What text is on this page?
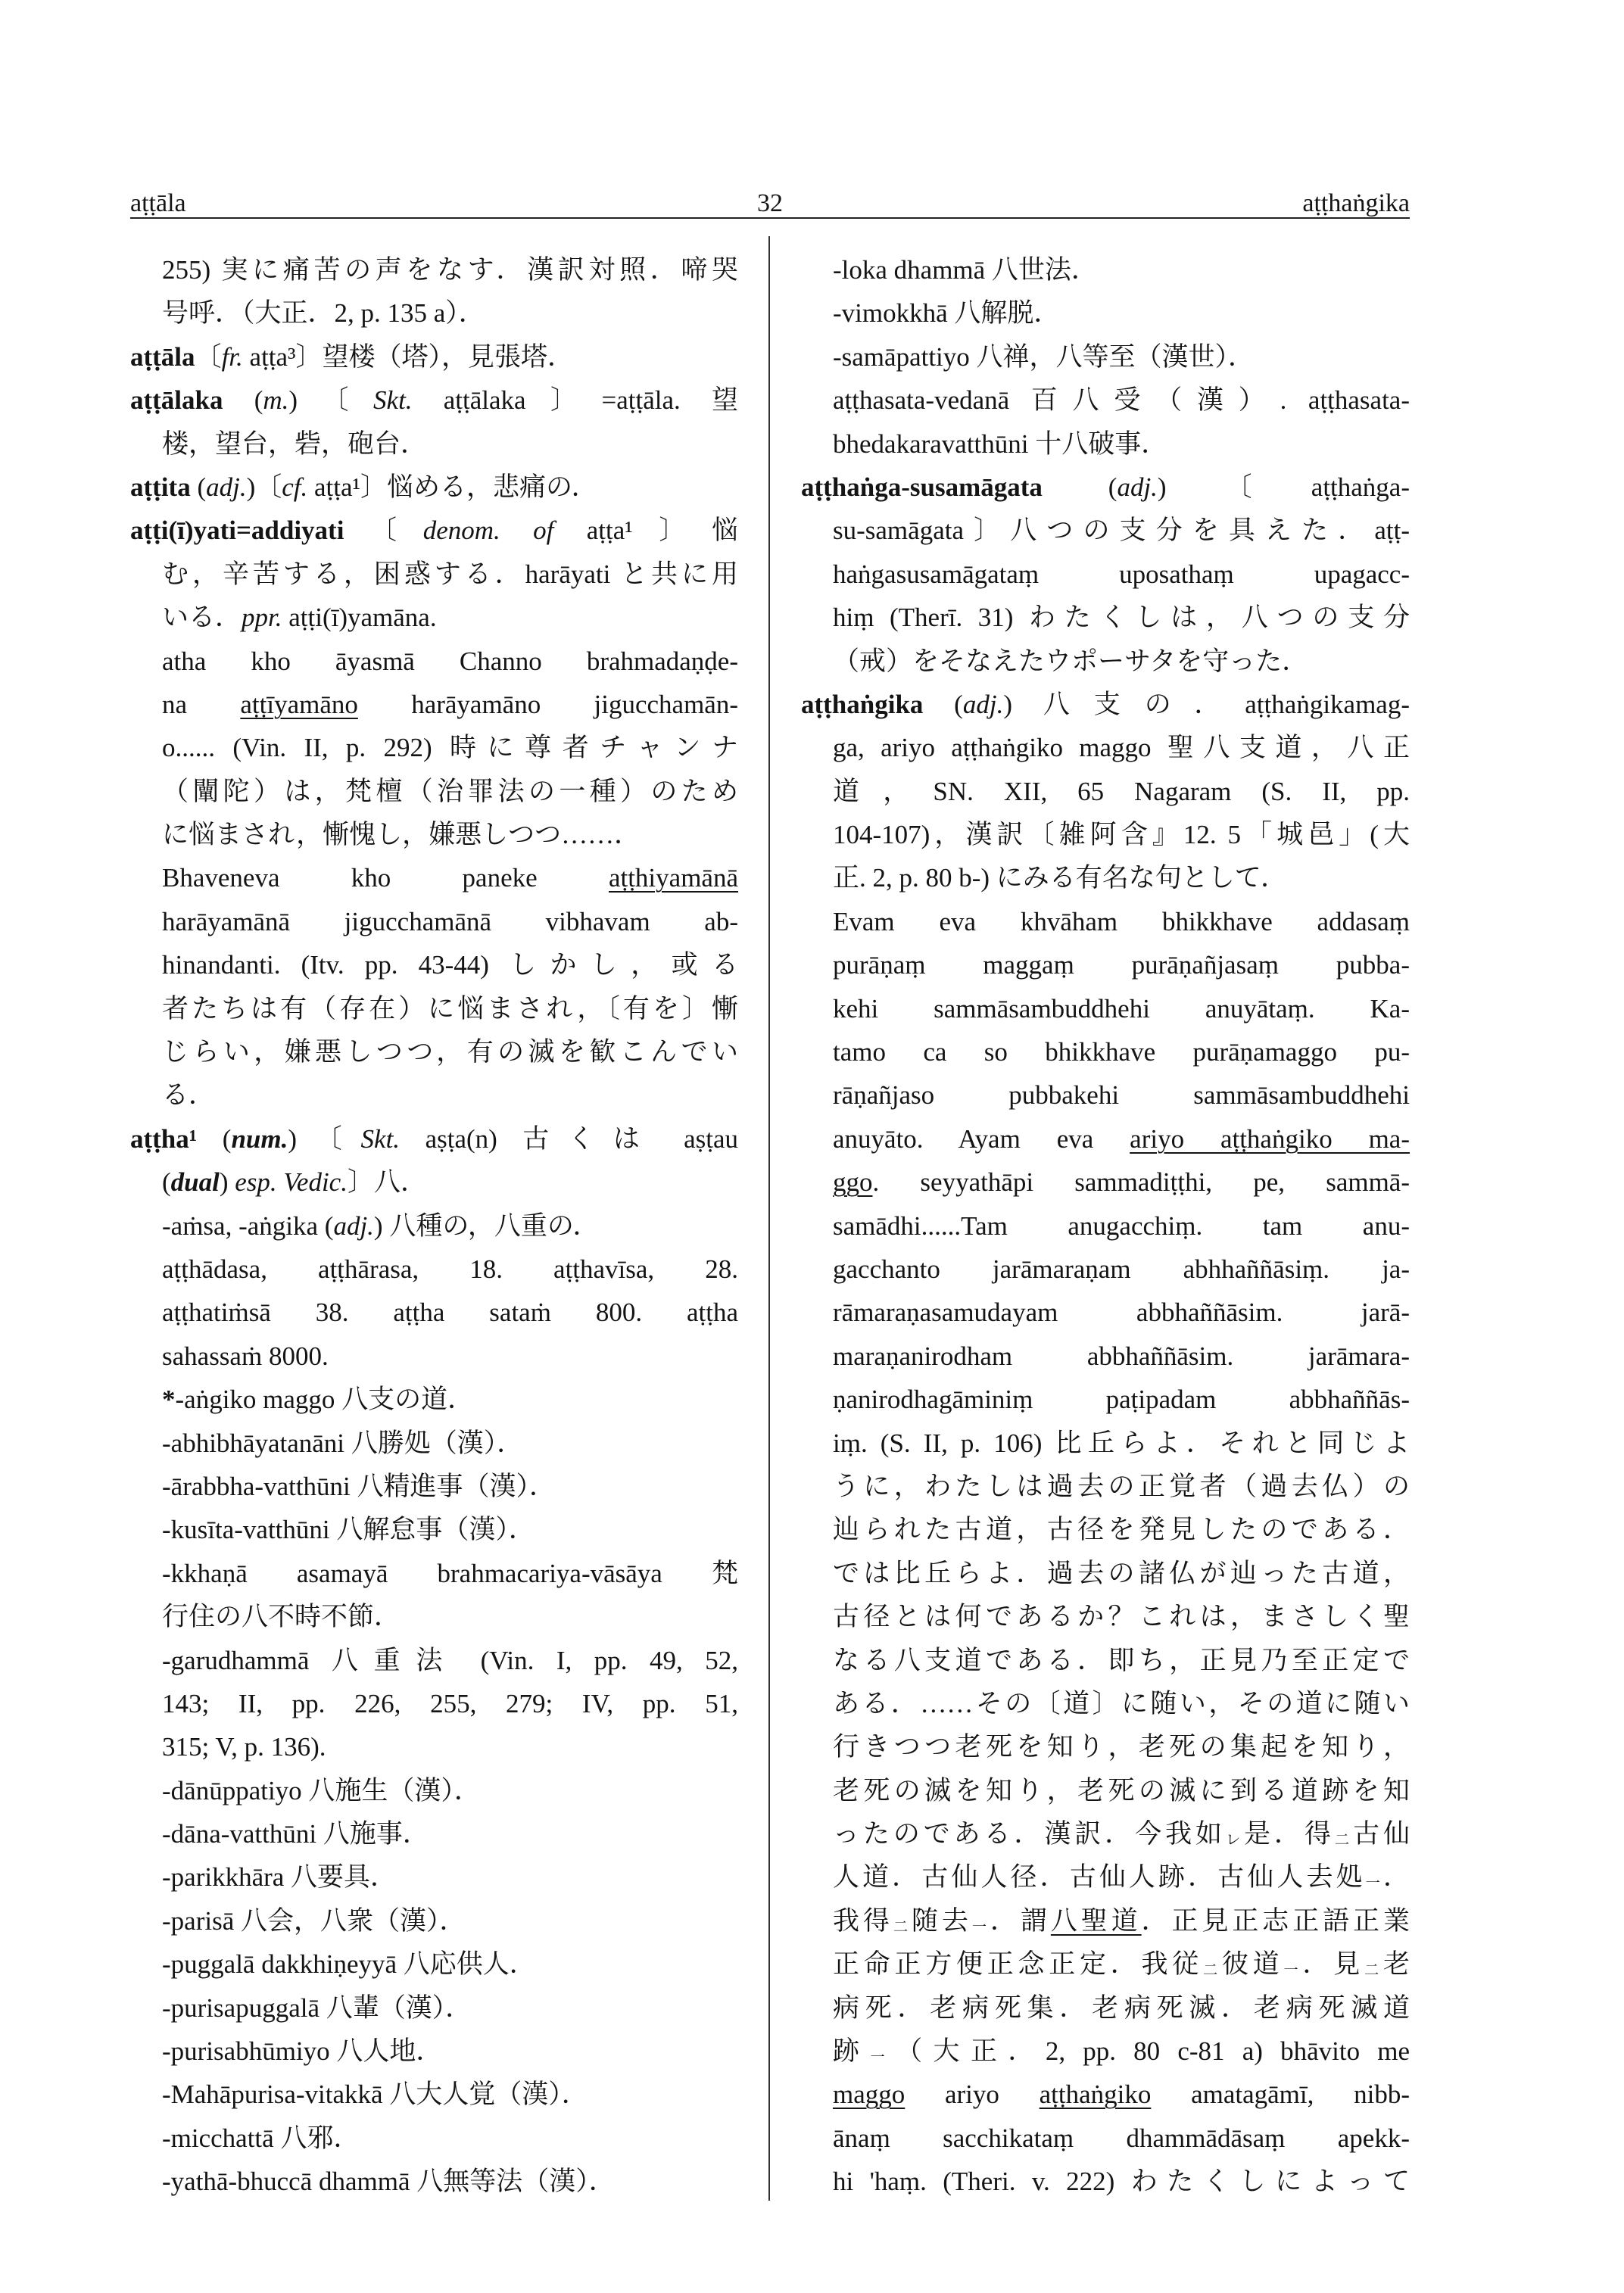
aṭṭāla	32	aṭṭhaṅgika
255) 実に痛苦の声をなす．漢訳対照．啼哭
号呼．（大正．2, p. 135 a）．
aṭṭāla〔fr. aṭṭa³〕望楼（塔），見張塔．
aṭṭālaka (m.)〔Skt. aṭṭālaka〕=aṭṭāla. 望
楼，望台，砦，砲台．
aṭṭita (adj.)〔cf. aṭṭa¹〕悩める，悲痛の．
aṭṭi(ī)yati=addiyati〔denom. of aṭṭa¹〕悩
む，辛苦する，困惑する．harāyati と共に用
いる．ppr. aṭṭi(ī)yamāna.
atha kho āyasmā Channo brahmadaṇḍe-
na aṭṭīyamāno harāyamāno jigucchamān-
o...... (Vin. II, p. 292) 時に尊者チャンナ
（闡陀）は，梵檀（治罪法の一種）のため
に悩まされ，慚愧し，嫌悪しつつ……．
Bhaveneva kho paneke aṭṭhiyamānā
harāyamānā jigucchamānā vibhavam ab-
hinandanti. (Itv. pp. 43-44) しかし，或る
者たちは有（存在）に悩まされ，〔有を〕慚
じらい，嫌悪しつつ，有の滅を歓こんでい
る．
aṭṭha¹ (num.)〔Skt. aṣṭa(n) 古くは aṣṭau
(dual) esp. Vedic.〕八．
-aṁsa, -aṅgika (adj.) 八種の，八重の．
aṭṭhādasa, aṭṭhārasa, 18. aṭṭhavīsa, 28.
aṭṭhatiṁsā 38. aṭṭha sataṁ 800. aṭṭha
sahassaṁ 8000.
*-aṅgiko maggo 八支の道．
-abhibhāyatanāni 八勝処（漢）．
-ārabbha-vatthūni 八精進事（漢）．
-kusīta-vatthūni 八解怠事（漢）．
-kkhaṇā asamayā brahmacariya-vāsāya 梵
行住の八不時不節．
-garudhammā 八重法 (Vin. I, pp. 49, 52,
143; II, pp. 226, 255, 279; IV, pp. 51,
315; V, p. 136).
-dānūppatiyo 八施生（漢）．
-dāna-vatthūni 八施事．
-parikkhāra 八要具．
-parisā 八会，八衆（漢）．
-puggalā dakkhiṇeyyā 八応供人．
-purisapuggalā 八輩（漢）．
-purisabhūmiyo 八人地．
-Mahāpurisa-vitakkā 八大人覚（漢）．
-micchattā 八邪．
-yathā-bhuccā dhammā 八無等法（漢）．
-loka dhammā 八世法．
-vimokkhā 八解脱．
-samāpattiyo 八禅，八等至（漢世）．
aṭṭhasata-vedanā 百八受（漢）. aṭṭhasata-
bhedakaravatthūni 十八破事．
aṭṭhaṅga-susamāgata (adj.)〔aṭṭhaṅga-
su-samāgata〕八つの支分を具えた．aṭṭ-
haṅgasusamāgataṃ uposathaṃ upagacc-
hiṃ (Therī. 31) わたくしは，八つの支分
（戒）をそなえたウポーサタを守った．
aṭṭhaṅgika (adj.) 八支の．aṭṭhaṅgikamag-
ga, ariyo aṭṭhaṅgiko maggo 聖八支道，八正
道，SN. XII, 65 Nagaram (S. II, pp.
104-107)，漢訳〔雑阿含』12. 5「城邑」(大
正. 2, p. 80 b-) にみる有名な句として．
Evam eva khvāham bhikkhave addasaṃ
purāṇaṃ maggaṃ purāṇañjasaṃ pubba-
kehi sammāsambuddhehi anuyātaṃ. Ka-
tamo ca so bhikkhave purāṇamaggo pu-
rāṇañjaso pubbakehi sammāsambuddhehi
anuyāto. Ayam eva ariyo aṭṭhaṅgiko ma-
ggo. seyyathāpi sammadiṭṭhi, pe, sammā-
samādhi......Tam anugacchiṃ. tam anu-
gacchanto jarāmaraṇam abhhaññāsiṃ. ja-
rāmaraṇasamudayam abbhaññāsim. jarā-
maraṇanirodham abbhaññāsim. jarāmara-
ṇanirodhagāminiṃ paṭipadam abbhaññās-
iṃ. (S. II, p. 106) 比丘らよ．それと同じよ
うに，わたしは過去の正覚者（過去仏）の
辿られた古道，古径を発見したのである．
では比丘らよ．過去の諸仏が辿った古道，
古径とは何であるか？これは，まさしく聖
なる八支道である．即ち，正見乃至正定で
ある．……その〔道〕に随い，その道に随い
行きつつ老死を知り，老死の集起を知り，
老死の滅を知り，老死の滅に到る道跡を知
ったのである．漢訳．今我如レ是．得二古仙
人道．古仙人径．古仙人跡．古仙人去処一．
我得二随去一．謂八聖道．正見正志正語正業
正命正方便正念正定．我従二彼道一．見二老
病死．老病死集．老病死滅．老病死滅道
跡一（大正．2, pp. 80 c-81 a) bhāvito me
maggo ariyo aṭṭhaṅgiko amatagāmī, nibb-
ānaṃ sacchikataṃ dhammādāsaṃ apekk-
hi 'haṃ. (Theri. v. 222) わたくしによって
